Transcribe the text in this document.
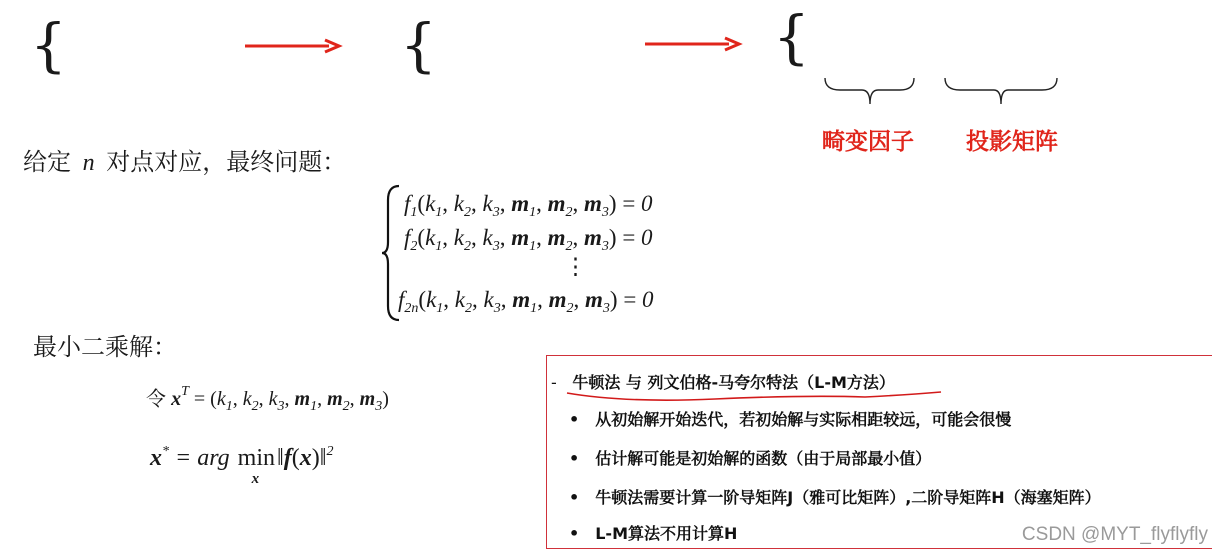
{	{	{
畸变因子 投影矩阵
给定 n 对点对应，最终问题：
$f_1(k_1$, $k_2$, $k_3$, $m_1$, $m_2$, $m_3) = 0$
$f_2(k_1$, $k_2$, $k_3$, $m_1$, $m_2$, $m_3) = 0$
⋮
$f_{2n}(k_1$, $k_2$, $k_3$, $m_1$, $m_2$, $m_3) = 0$
最小二乘解：
令 $x^T = (k_1$, $k_2$, $k_3$, $m_1$, $m_2$, $m_3$)
x* = arg min
x
‖f(x)‖$^2$
- 牛顿法 与 列文伯格-马夸尔特法（L-M方法）
• 从初始解开始迭代，若初始解与实际相距较远，可能会很慢
• 估计解可能是初始解的函数（由于局部最小值）
• 牛顿法需要计算一阶导矩阵J（雅可比矩阵）,二阶导矩阵H（海塞矩阵）
• L-M算法不用计算H	CSDN @MYT_flyflyfly
